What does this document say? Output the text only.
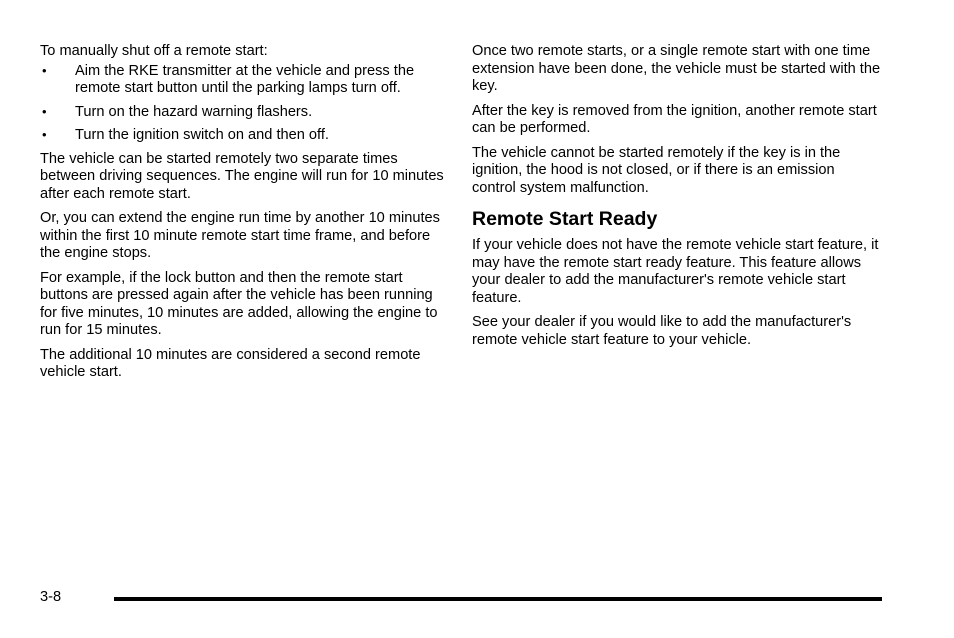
To manually shut off a remote start:

• Aim the RKE transmitter at the vehicle and press the remote start button until the parking lamps turn off.
• Turn on the hazard warning flashers.
• Turn the ignition switch on and then off.

The vehicle can be started remotely two separate times between driving sequences. The engine will run for 10 minutes after each remote start.

Or, you can extend the engine run time by another 10 minutes within the first 10 minute remote start time frame, and before the engine stops.

For example, if the lock button and then the remote start buttons are pressed again after the vehicle has been running for five minutes, 10 minutes are added, allowing the engine to run for 15 minutes.

The additional 10 minutes are considered a second remote vehicle start.

Once two remote starts, or a single remote start with one time extension have been done, the vehicle must be started with the key.

After the key is removed from the ignition, another remote start can be performed.

The vehicle cannot be started remotely if the key is in the ignition, the hood is not closed, or if there is an emission control system malfunction.

Remote Start Ready

If your vehicle does not have the remote vehicle start feature, it may have the remote start ready feature. This feature allows your dealer to add the manufacturer's remote vehicle start feature.

See your dealer if you would like to add the manufacturer's remote vehicle start feature to your vehicle.

3-8
